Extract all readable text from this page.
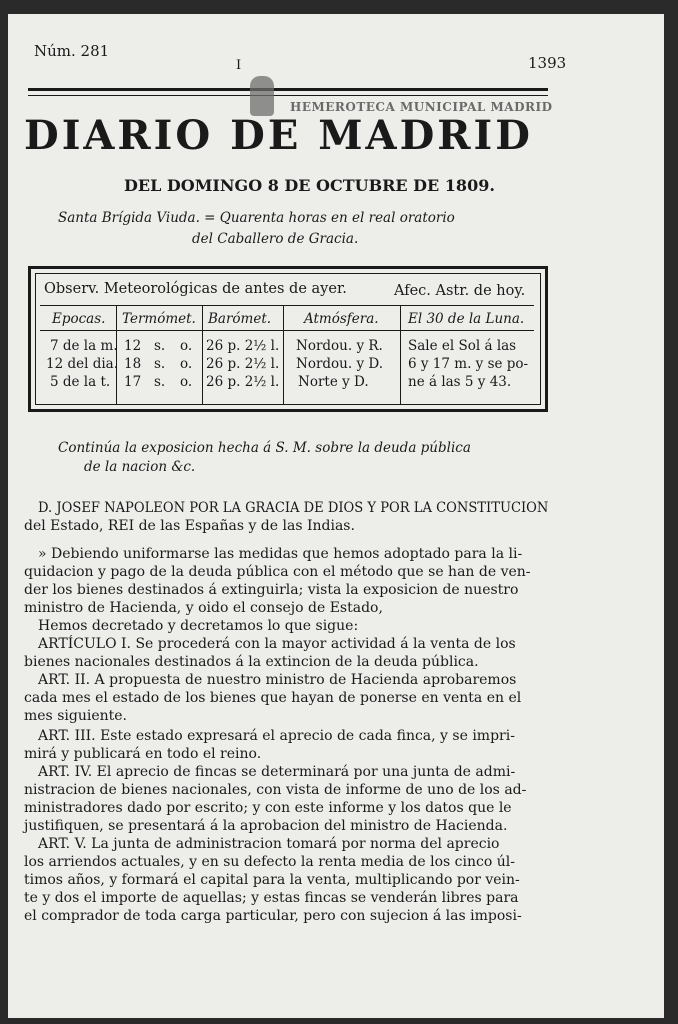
Núm. 281
I	1393
HEMEROTECA MUNICIPAL MADRID
DIARIO DE MADRID
DEL DOMINGO 8 DE OCTUBRE DE 1809.
Santa Brígida Viuda. = Quarenta horas en el real oratorio
del Caballero de Gracia.
Observ. Meteorológicas de antes de ayer.	Afec. Astr. de hoy.
Epocas. Termómet. Barómet. Atmósfera. El 30 de la Luna.
7 de la m. 12 s. o. 26 p. 2½ l. Nordou. y R.
12 del dia. 18 s. o. 26 p. 2½ l. Nordou. y D.
5 de la t. 17 s. o. 26 p. 2½ l. Norte y D.
Sale el Sol á las
6 y 17 m. y se po-
ne á las 5 y 43.
Continúa la exposicion hecha á S. M. sobre la deuda pública
de la nacion &c.
D. JOSEF NAPOLEON POR LA GRACIA DE DIOS Y POR LA CONSTITUCION
del Estado, REI de las Españas y de las Indias.
» Debiendo uniformarse las medidas que hemos adoptado para la li-
quidacion y pago de la deuda pública con el método que se han de ven-
der los bienes destinados á extinguirla; vista la exposicion de nuestro
ministro de Hacienda, y oido el consejo de Estado,
Hemos decretado y decretamos lo que sigue:
ARTÍCULO I. Se procederá con la mayor actividad á la venta de los
bienes nacionales destinados á la extincion de la deuda pública.
ART. II. A propuesta de nuestro ministro de Hacienda aprobaremos
cada mes el estado de los bienes que hayan de ponerse en venta en el
mes siguiente.
ART. III. Este estado expresará el aprecio de cada finca, y se impri-
mirá y publicará en todo el reino.
ART. IV. El aprecio de fincas se determinará por una junta de admi-
nistracion de bienes nacionales, con vista de informe de uno de los ad-
ministradores dado por escrito; y con este informe y los datos que le
justifiquen, se presentará á la aprobacion del ministro de Hacienda.
ART. V. La junta de administracion tomará por norma del aprecio
los arriendos actuales, y en su defecto la renta media de los cinco úl-
timos años, y formará el capital para la venta, multiplicando por vein-
te y dos el importe de aquellas; y estas fincas se venderán libres para
el comprador de toda carga particular, pero con sujecion á las imposi-
